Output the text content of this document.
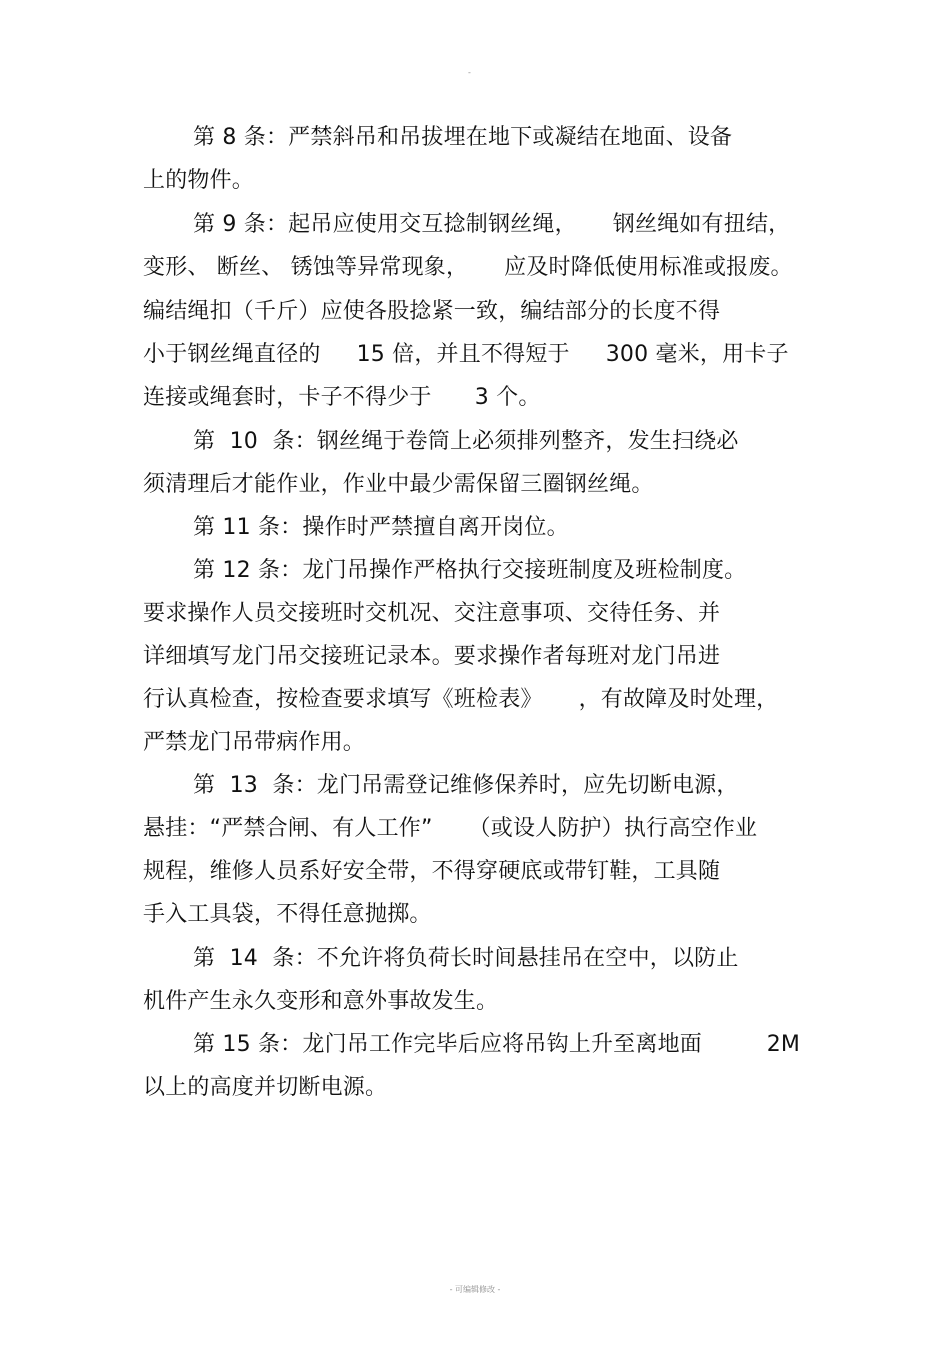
-
第 8 条：严禁斜吊和吊拔埋在地下或凝结在地面、设备
上的物件。
第 9 条：起吊应使用交互捻制钢丝绳，     钢丝绳如有扭结，
变形、 断丝、 锈蚀等异常现象，     应及时降低使用标准或报废。
编结绳扣（千斤）应使各股捻紧一致，编结部分的长度不得
小于钢丝绳直径的     15 倍，并且不得短于     300 毫米，用卡子
连接或绳套时，卡子不得少于      3 个。
第  10  条：钢丝绳于卷筒上必须排列整齐，发生扫绕必
须清理后才能作业，作业中最少需保留三圈钢丝绳。
第 11 条：操作时严禁擅自离开岗位。
第 12 条：龙门吊操作严格执行交接班制度及班检制度。
要求操作人员交接班时交机况、交注意事项、交待任务、并
详细填写龙门吊交接班记录本。要求操作者每班对龙门吊进
行认真检查，按检查要求填写《班检表》     ，有故障及时处理，
严禁龙门吊带病作用。
第  13  条：龙门吊需登记维修保养时，应先切断电源，
悬挂：“严禁合闸、有人工作”     （或设人防护）执行高空作业
规程，维修人员系好安全带，不得穿硬底或带钉鞋，工具随
手入工具袋，不得任意抛掷。
第  14  条：不允许将负荷长时间悬挂吊在空中，以防止
机件产生永久变形和意外事故发生。
第 15 条：龙门吊工作完毕后应将吊钩上升至离地面         2M
以上的高度并切断电源。
- 可编辑修改 -
